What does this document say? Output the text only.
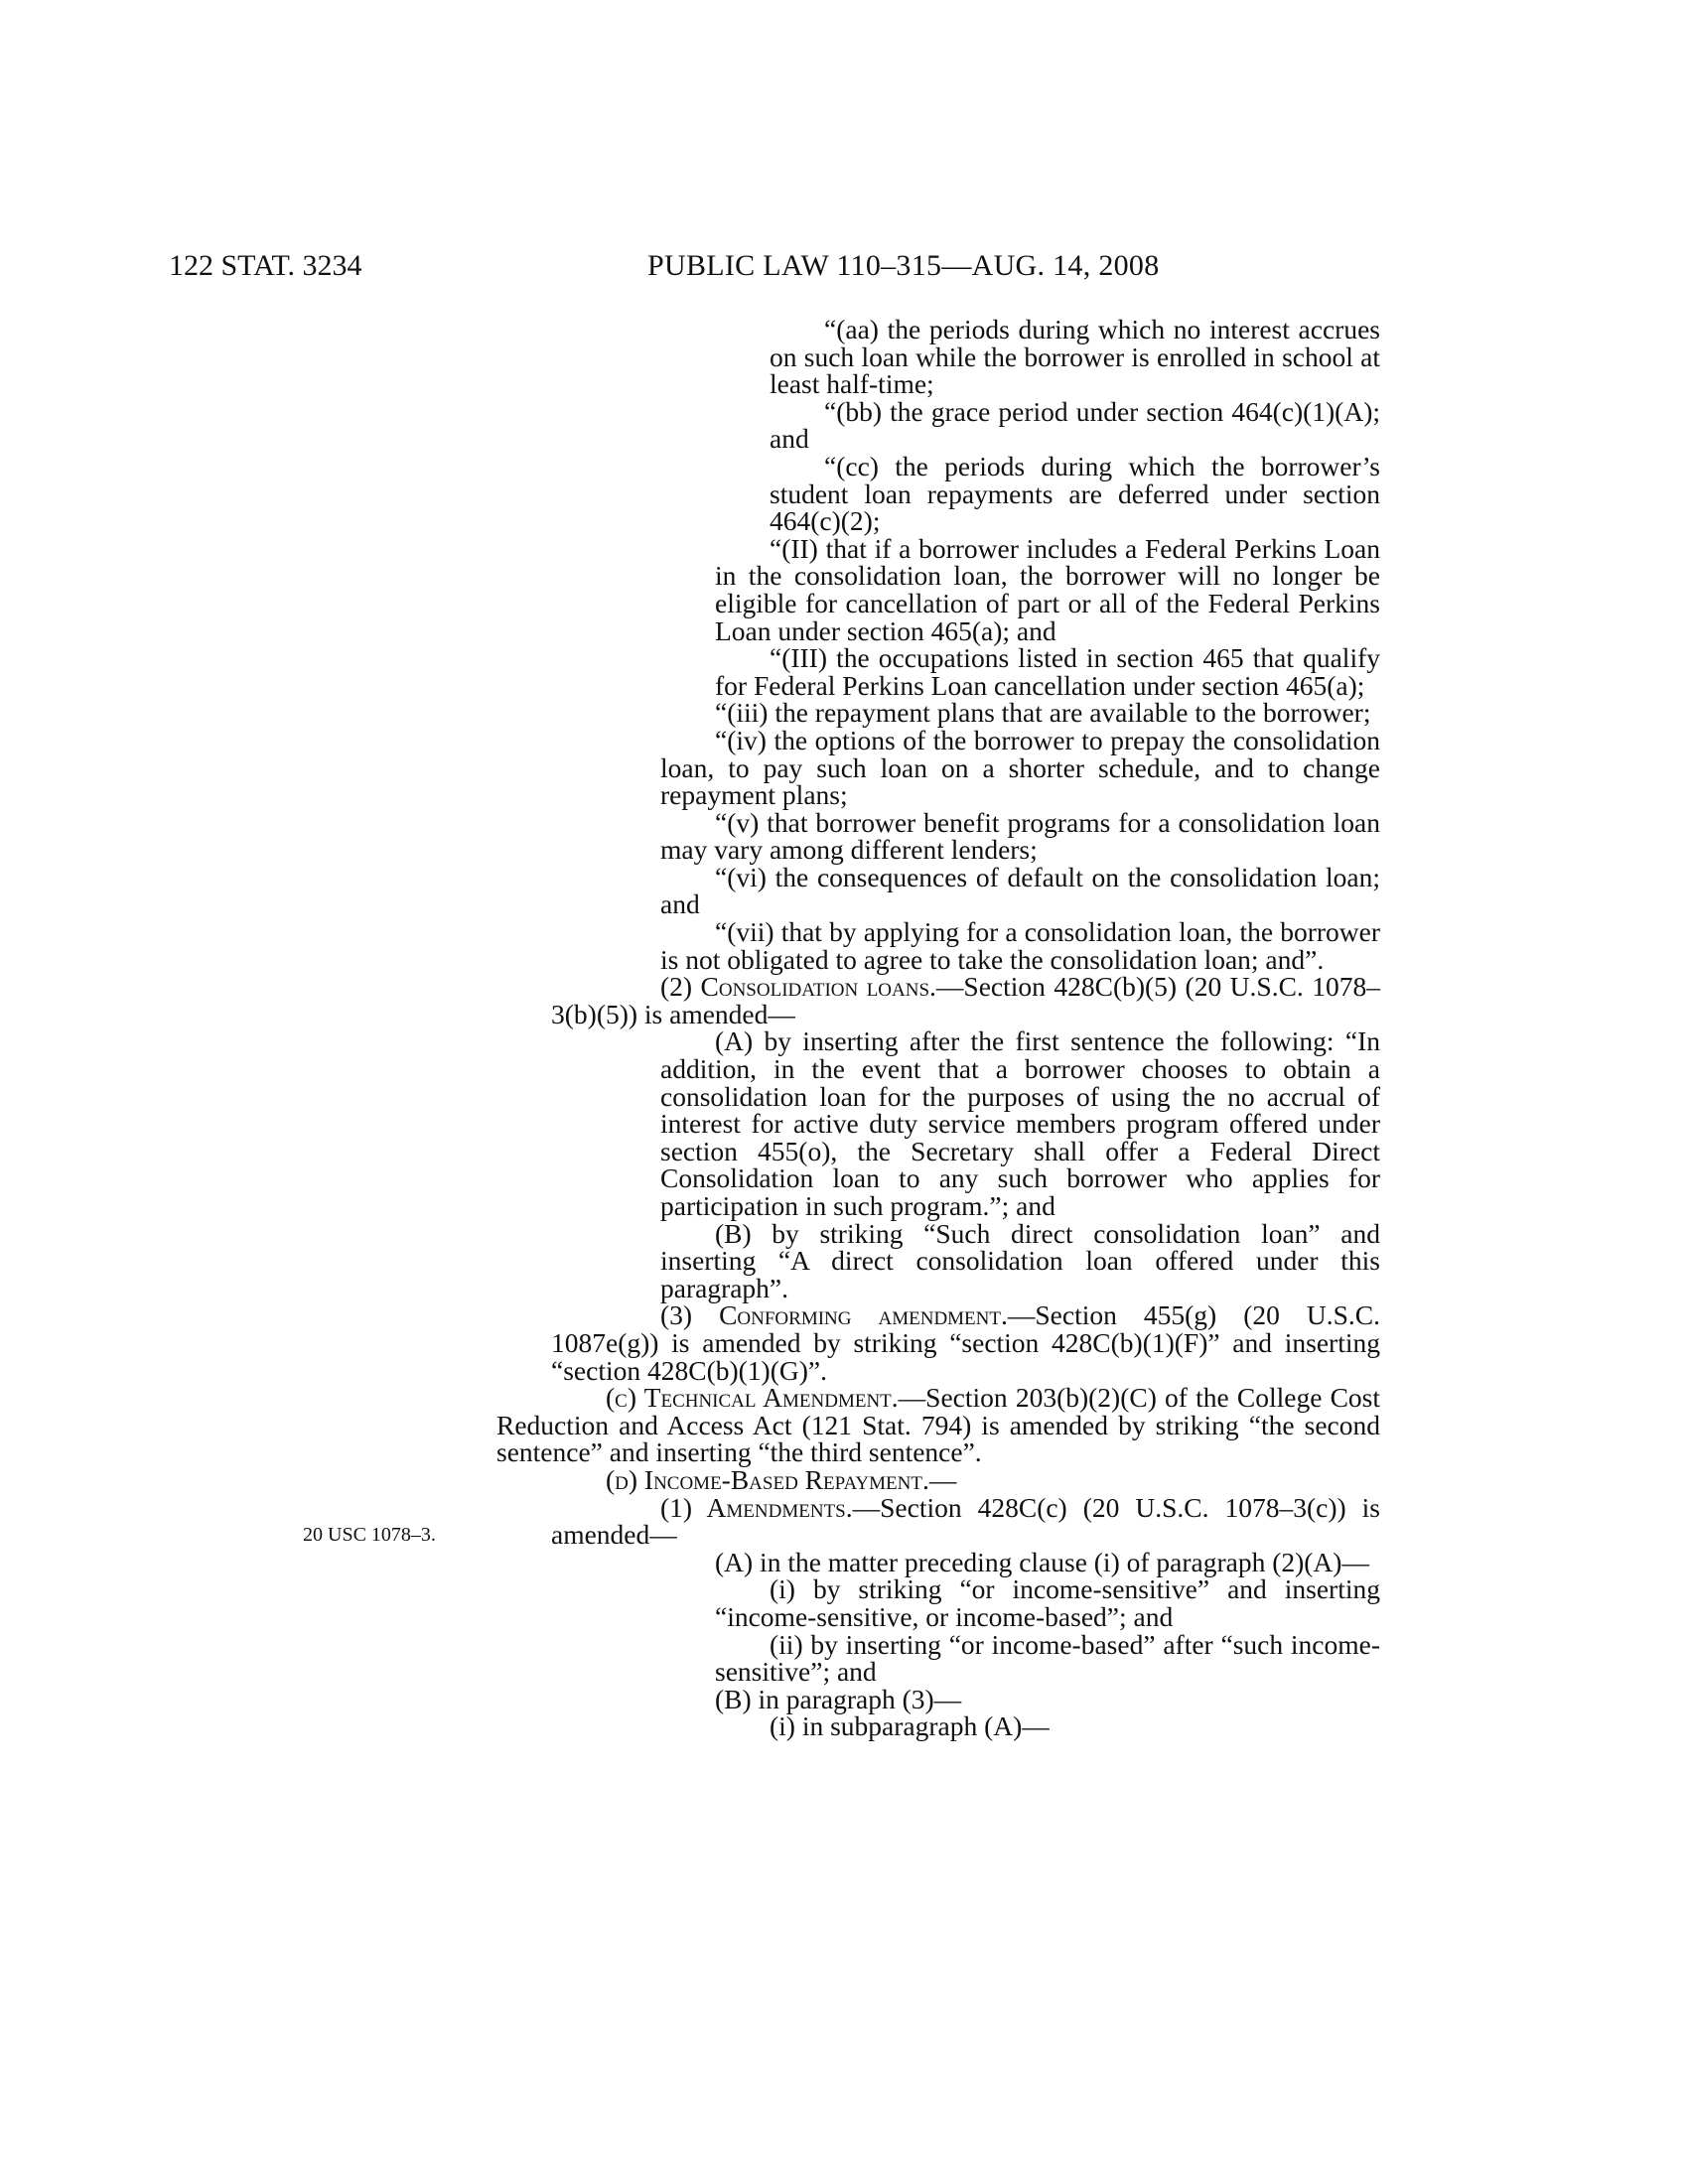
122 STAT. 3234	PUBLIC LAW 110–315—AUG. 14, 2008
20 USC 1078–3.
“(aa) the periods during which no interest accrues on such loan while the borrower is enrolled in school at least half-time;
“(bb) the grace period under section 464(c)(1)(A); and
“(cc) the periods during which the borrower’s student loan repayments are deferred under section 464(c)(2);
“(II) that if a borrower includes a Federal Perkins Loan in the consolidation loan, the borrower will no longer be eligible for cancellation of part or all of the Federal Perkins Loan under section 465(a); and
“(III) the occupations listed in section 465 that qualify for Federal Perkins Loan cancellation under section 465(a);
“(iii) the repayment plans that are available to the borrower;
“(iv) the options of the borrower to prepay the consolidation loan, to pay such loan on a shorter schedule, and to change repayment plans;
“(v) that borrower benefit programs for a consolidation loan may vary among different lenders;
“(vi) the consequences of default on the consolidation loan; and
“(vii) that by applying for a consolidation loan, the borrower is not obligated to agree to take the consolidation loan; and”.
(2) Consolidation loans.—Section 428C(b)(5) (20 U.S.C. 1078–3(b)(5)) is amended—
(A) by inserting after the first sentence the following: “In addition, in the event that a borrower chooses to obtain a consolidation loan for the purposes of using the no accrual of interest for active duty service members program offered under section 455(o), the Secretary shall offer a Federal Direct Consolidation loan to any such borrower who applies for participation in such program.”; and
(B) by striking “Such direct consolidation loan” and inserting “A direct consolidation loan offered under this paragraph”.
(3) Conforming amendment.—Section 455(g) (20 U.S.C. 1087e(g)) is amended by striking “section 428C(b)(1)(F)” and inserting “section 428C(b)(1)(G)”.
(c) Technical Amendment.—Section 203(b)(2)(C) of the College Cost Reduction and Access Act (121 Stat. 794) is amended by striking “the second sentence” and inserting “the third sentence”.
(d) Income-Based Repayment.—
(1) Amendments.—Section 428C(c) (20 U.S.C. 1078–3(c)) is amended—
(A) in the matter preceding clause (i) of paragraph (2)(A)—
(i) by striking “or income-sensitive” and inserting “income-sensitive, or income-based”; and
(ii) by inserting “or income-based” after “such income-sensitive”; and
(B) in paragraph (3)—
(i) in subparagraph (A)—
